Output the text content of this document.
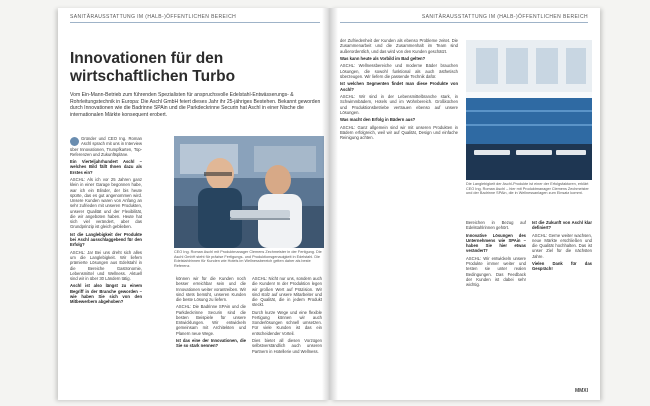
SANITÄRAUSSTATTUNG IM (HALB-)ÖFFENTLICHEN BEREICH
Innovationen für den
wirtschaftlichen Turbo
Vom Ein-Mann-Betrieb zum führenden Spezialisten für anspruchsvolle Edelstahl-Entwässerungs- & Rohrleitungstechnik in Europa: Die Aschl GmbH feiert dieses Jahr ihr 25-jähriges Bestehen. Bekannt geworden durch Innovationen wie die Badrinne SPAin und die Parkdeckrinne Securin hat Aschl in einer Nische die internationalen Märkte konsequent erobert.

Gründer und CEO Ing. Roman Aschl sprach mit uns in Interview über Innovationen, Trumpfkarten, Top-Referenzen und Zukunftspläne.

Ein Vierteljahrhundert Aschl – welches Bild fällt Ihnen dazu als Erstes ein?

ASCHL: Als ich vor 25 Jahren ganz klein in einer Garage begonnen habe, war ich ein Blinder, der bis heute spürte, das es gut angenommen wird. Unsere Kunden waren von Anfang an sehr zufrieden mit unseren Produkten, unserer Qualität und der Flexibilität, die wir angeboten haben. Heute hat sich viel verändert, aber das Grundprinzip ist gleich geblieben.

Ist die Langlebigkeit der Produkte bei Aschl ausschlaggebend für den Erfolg?

ASCHL: Ja! Bei uns dreht sich alles um die Langlebigkeit. Wir liefern prämierte Lösungen aus Edelstahl in die Bereiche Gastronomie, Lebensmittel und Wellness. Aktuell sind wir in über 30 Ländern tätig.

Aschl ist also längst zu einem Begriff in der Branche geworden – wie haben Sie sich von den Mitbewerbern abgehoben?

CEO Ing. Roman Aschl mit Produktmanager Clemens Zechmeister in der Fertigung. Die Aschl GmbH steht für präzise Fertigungs- und Produktionsgenauigkeit in Edelstahl. Die Edelstahlrinnen für Kunden wie Hotels im Wellnessbereich gelten daher als beste Referenz.

können wir für die Kunden noch besser erreichbar sein und die Innovationen weiter vorantreiben. Wir sind stets bemüht, unseren Kunden die beste Lösung zu liefern.

ASCHL: Die Badrinne SPAin und die Parkdeckrinne Securin sind die besten Beispiele für unsere Entwicklungen. Wir entwickeln gemeinsam mit Architekten und Planern neue Wege.

Ist das eine der Innovationen, die Sie so stark nennen?

ASCHL: Nicht nur uns, sondern auch die Kunden! In der Produktion legen wir großen Wert auf Präzision. Wir sind stolz auf unsere Mitarbeiter und die Qualität, die in jedem Produkt steckt.

Durch kurze Wege und eine flexible Fertigung können wir auch Sonderlösungen schnell umsetzen. Für viele Kunden ist das ein entscheidender Vorteil.

Dies bietet all diesen Vorzügen selbstverständlich auch unseren Partnern in Hotellerie und Wellness.

SANITÄRAUSSTATTUNG IM (HALB-)ÖFFENTLICHEN BEREICH

der Zufriedenheit der Kunden als ebenso Probleme zeitet. Die Zusammenarbeit und die Zusammenhalt im Team sind außerordentlich, und das wird von den Kunden geschätzt.

Was kann heute als Vorbild im Bad gelten?

ASCHL: Wellnessbereiche und moderne Bäder brauchen Lösungen, die sowohl funktional als auch ästhetisch überzeugen. Wir liefern die passende Technik dafür.

Ist welchen Segmenten findet man diese Produkte von Aschl?

ASCHL: Wir sind in der Lebensmittelbranche stark, in Schwimmbädern, Hotels und im Wohnbereich. Großküchen und Produktionsbetriebe vertrauen ebenso auf unsere Lösungen.

Was macht den Erfolg in Bädern aus?

ASCHL: Ganz allgemein sind wir mit unseren Produkten in Bädern erfolgreich, weil wir auf Qualität, Design und einfache Reinigung achten.

Die Langlebigkeit der Aschl-Produkte ist einer der Erfolgsfaktoren, erklärt CEO Ing. Roman Aschl – hier mit Produktmanager Clemens Zechmeister und der Badrinne SPAin, die in Wellnessanlagen zum Einsatz kommt.

Bereichen in Bezug auf Edelstahlrinnen gehört.

Innovative Lösungen des Unternehmens wie SPAin – haben Sie hier etwas verändert?

ASCHL: Wir entwickeln unsere Produkte immer weiter und testen sie unter realen Bedingungen. Das Feedback der Kunden ist dabei sehr wichtig.

Ist die Zukunft von Aschl klar definiert?

ASCHL: Gerne weiter wachsen, neue Märkte erschließen und die Qualität hochhalten. Das ist unser Ziel für die nächsten Jahre.

Vielen Dank für das Gespräch!

MMXI
